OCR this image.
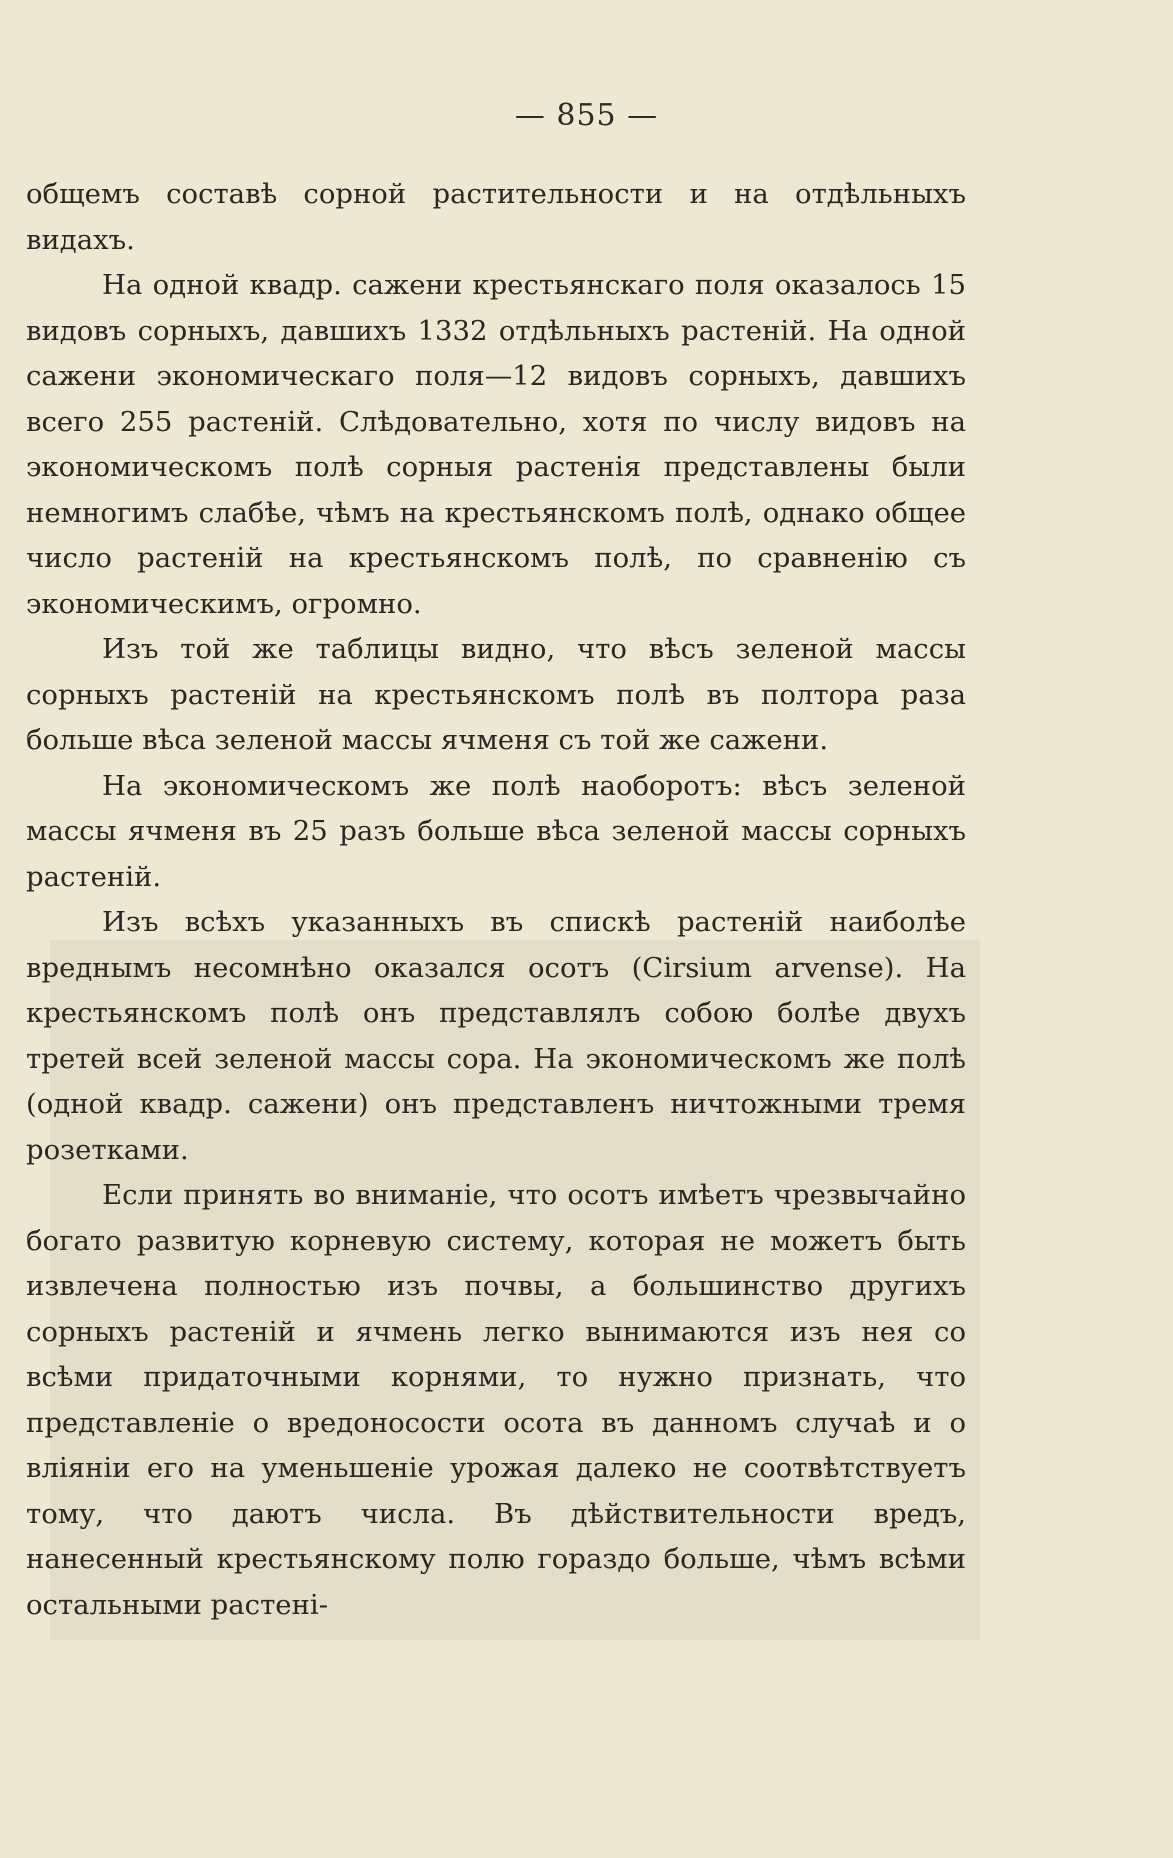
— 855 —

общемъ составѣ сорной растительности и на отдѣльныхъ видахъ.

На одной квадр. сажени крестьянскаго поля оказалось 15 видовъ сорныхъ, давшихъ 1332 отдѣльныхъ растеній. На одной сажени экономическаго поля—12 видовъ сорныхъ, давшихъ всего 255 растеній. Слѣдовательно, хотя по числу видовъ на экономическомъ полѣ сорныя растенія представлены были немногимъ слабѣе, чѣмъ на крестьянскомъ полѣ, однако общее число растеній на крестьянскомъ полѣ, по сравненію съ экономическимъ, огромно.

Изъ той же таблицы видно, что вѣсъ зеленой массы сорныхъ растеній на крестьянскомъ полѣ въ полтора раза больше вѣса зеленой массы ячменя съ той же сажени.

На экономическомъ же полѣ наоборотъ: вѣсъ зеленой массы ячменя въ 25 разъ больше вѣса зеленой массы сорныхъ растеній.

Изъ всѣхъ указанныхъ въ спискѣ растеній наиболѣе вреднымъ несомнѣно оказался осотъ (Cirsium arvense). На крестьянскомъ полѣ онъ представлялъ собою болѣе двухъ третей всей зеленой массы сора. На экономическомъ же полѣ (одной квадр. сажени) онъ представленъ ничтожными тремя розетками.

Если принять во вниманіе, что осотъ имѣетъ чрезвычайно богато развитую корневую систему, которая не можетъ быть извлечена полностью изъ почвы, а большинство другихъ сорныхъ растеній и ячмень легко вынимаются изъ нея со всѣми придаточными корнями, то нужно признать, что представленіе о вредоносости осота въ данномъ случаѣ и о вліяніи его на уменьшеніе урожая далеко не соотвѣтствуетъ тому, что даютъ числа. Въ дѣйствительности вредъ, нанесенный крестьянскому полю гораздо больше, чѣмъ всѣми остальными растені-
